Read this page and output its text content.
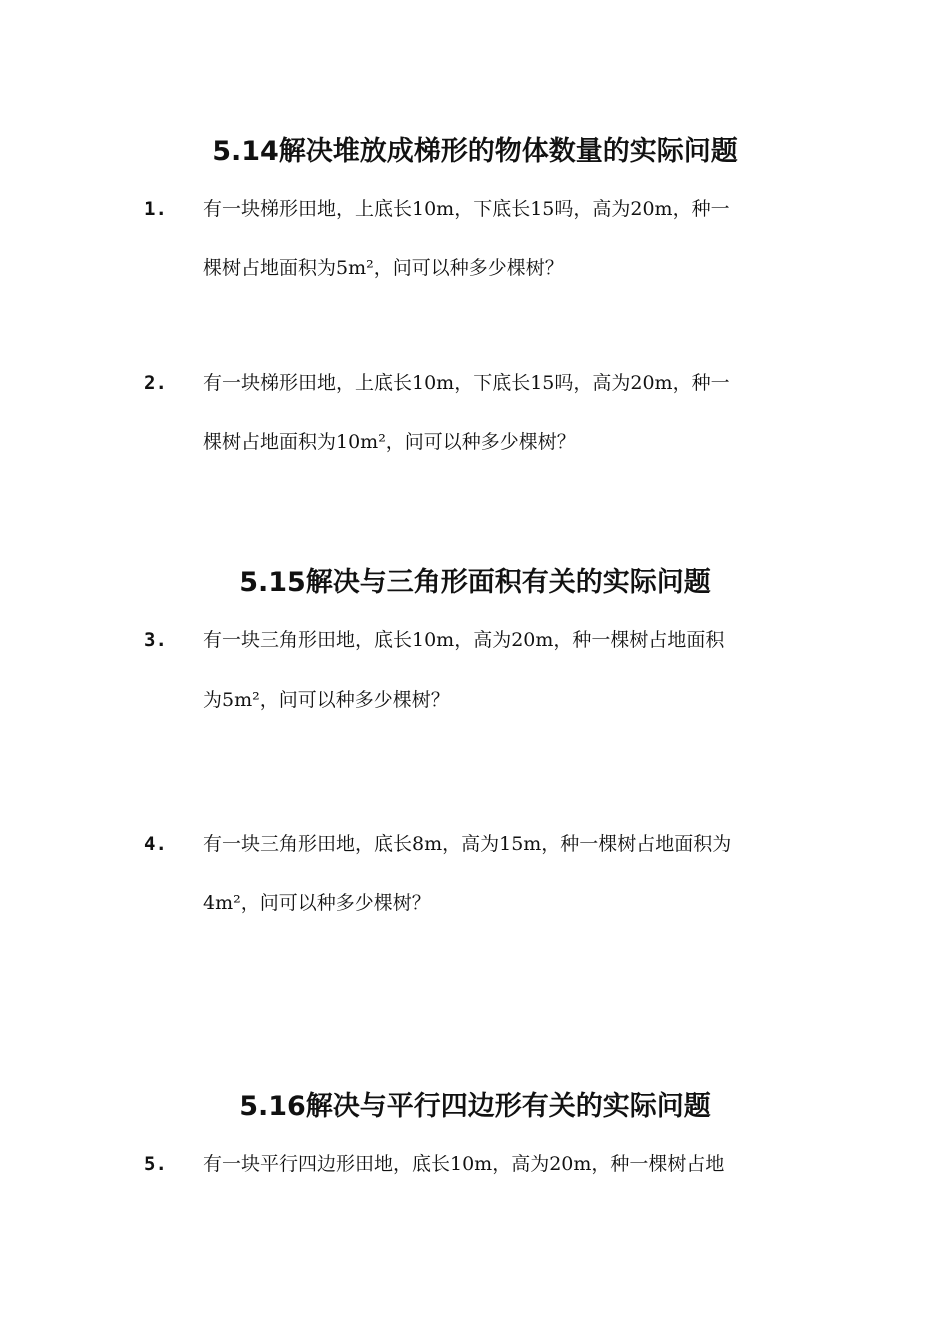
5.14解决堆放成梯形的物体数量的实际问题
1. 有一块梯形田地，上底长10m，下底长15吗，高为20m，种一
棵树占地面积为5m²，问可以种多少棵树？
2. 有一块梯形田地，上底长10m，下底长15吗，高为20m，种一
棵树占地面积为10m²，问可以种多少棵树？
5.15解决与三角形面积有关的实际问题
3. 有一块三角形田地，底长10m，高为20m，种一棵树占地面积
为5m²，问可以种多少棵树？
4. 有一块三角形田地，底长8m，高为15m，种一棵树占地面积为
4m²，问可以种多少棵树？
5.16解决与平行四边形有关的实际问题
5. 有一块平行四边形田地，底长10m，高为20m，种一棵树占地
